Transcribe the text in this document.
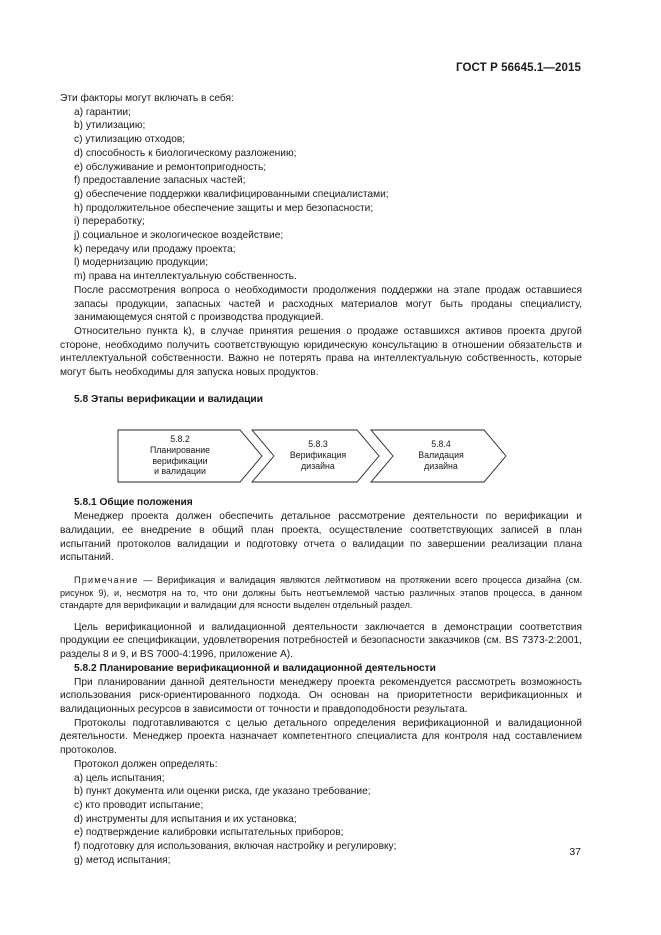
ГОСТ Р 56645.1—2015

Эти факторы могут включать в себя:

a) гарантии;

b) утилизацию;

c) утилизацию отходов;

d) способность к биологическому разложению;

e) обслуживание и ремонтопригодность;

f) предоставление запасных частей;

g) обеспечение поддержки квалифицированными специалистами;

h) продолжительное обеспечение защиты и мер безопасности;

i) переработку;

j) социальное и экологическое воздействие;

k) передачу или продажу проекта;

l) модернизацию продукции;

m) права на интеллектуальную собственность.

После рассмотрения вопроса о необходимости продолжения поддержки на этапе продаж оставшиеся запасы продукции, запасных частей и расходных материалов могут быть проданы специалисту, занимающемуся снятой с производства продукцией.

Относительно пункта k), в случае принятия решения о продаже оставшихся активов проекта другой стороне, необходимо получить соответствующую юридическую консультацию в отношении обязательств и интеллектуальной собственности. Важно не потерять права на интеллектуальную собственность, которые могут быть необходимы для запуска новых продуктов.

5.8 Этапы верификации и валидации

5.8.2
Планирование
верификации
и валидации
5.8.3
Верификация
дизайна
5.8.4
Валидация
дизайна

5.8.1 Общие положения

Менеджер проекта должен обеспечить детальное рассмотрение деятельности по верификации и валидации, ее внедрение в общий план проекта, осуществление соответствующих записей в план испытаний протоколов валидации и подготовку отчета о валидации по завершении реализации плана испытаний.

Примечание — Верификация и валидация являются лейтмотивом на протяжении всего процесса дизайна (см. рисунок 9), и, несмотря на то, что они должны быть неотъемлемой частью различных этапов процесса, в данном стандарте для верификации и валидации для ясности выделен отдельный раздел.

Цель верификационной и валидационной деятельности заключается в демонстрации соответствия продукции ее спецификации, удовлетворения потребностей и безопасности заказчиков (см. BS 7373-2:2001, разделы 8 и 9, и BS 7000-4:1996, приложение А).

5.8.2 Планирование верификационной и валидационной деятельности

При планировании данной деятельности менеджеру проекта рекомендуется рассмотреть возможность использования риск-ориентированного подхода. Он основан на приоритетности верификационных и валидационных ресурсов в зависимости от точности и правдоподобности результата.

Протоколы подготавливаются с целью детального определения верификационной и валидационной деятельности. Менеджер проекта назначает компетентного специалиста для контроля над составлением протоколов.

Протокол должен определять:

a) цель испытания;

b) пункт документа или оценки риска, где указано требование;

c) кто проводит испытание;

d) инструменты для испытания и их установка;

e) подтверждение калибровки испытательных приборов;

f) подготовку для использования, включая настройку и регулировку;

g) метод испытания;

37
